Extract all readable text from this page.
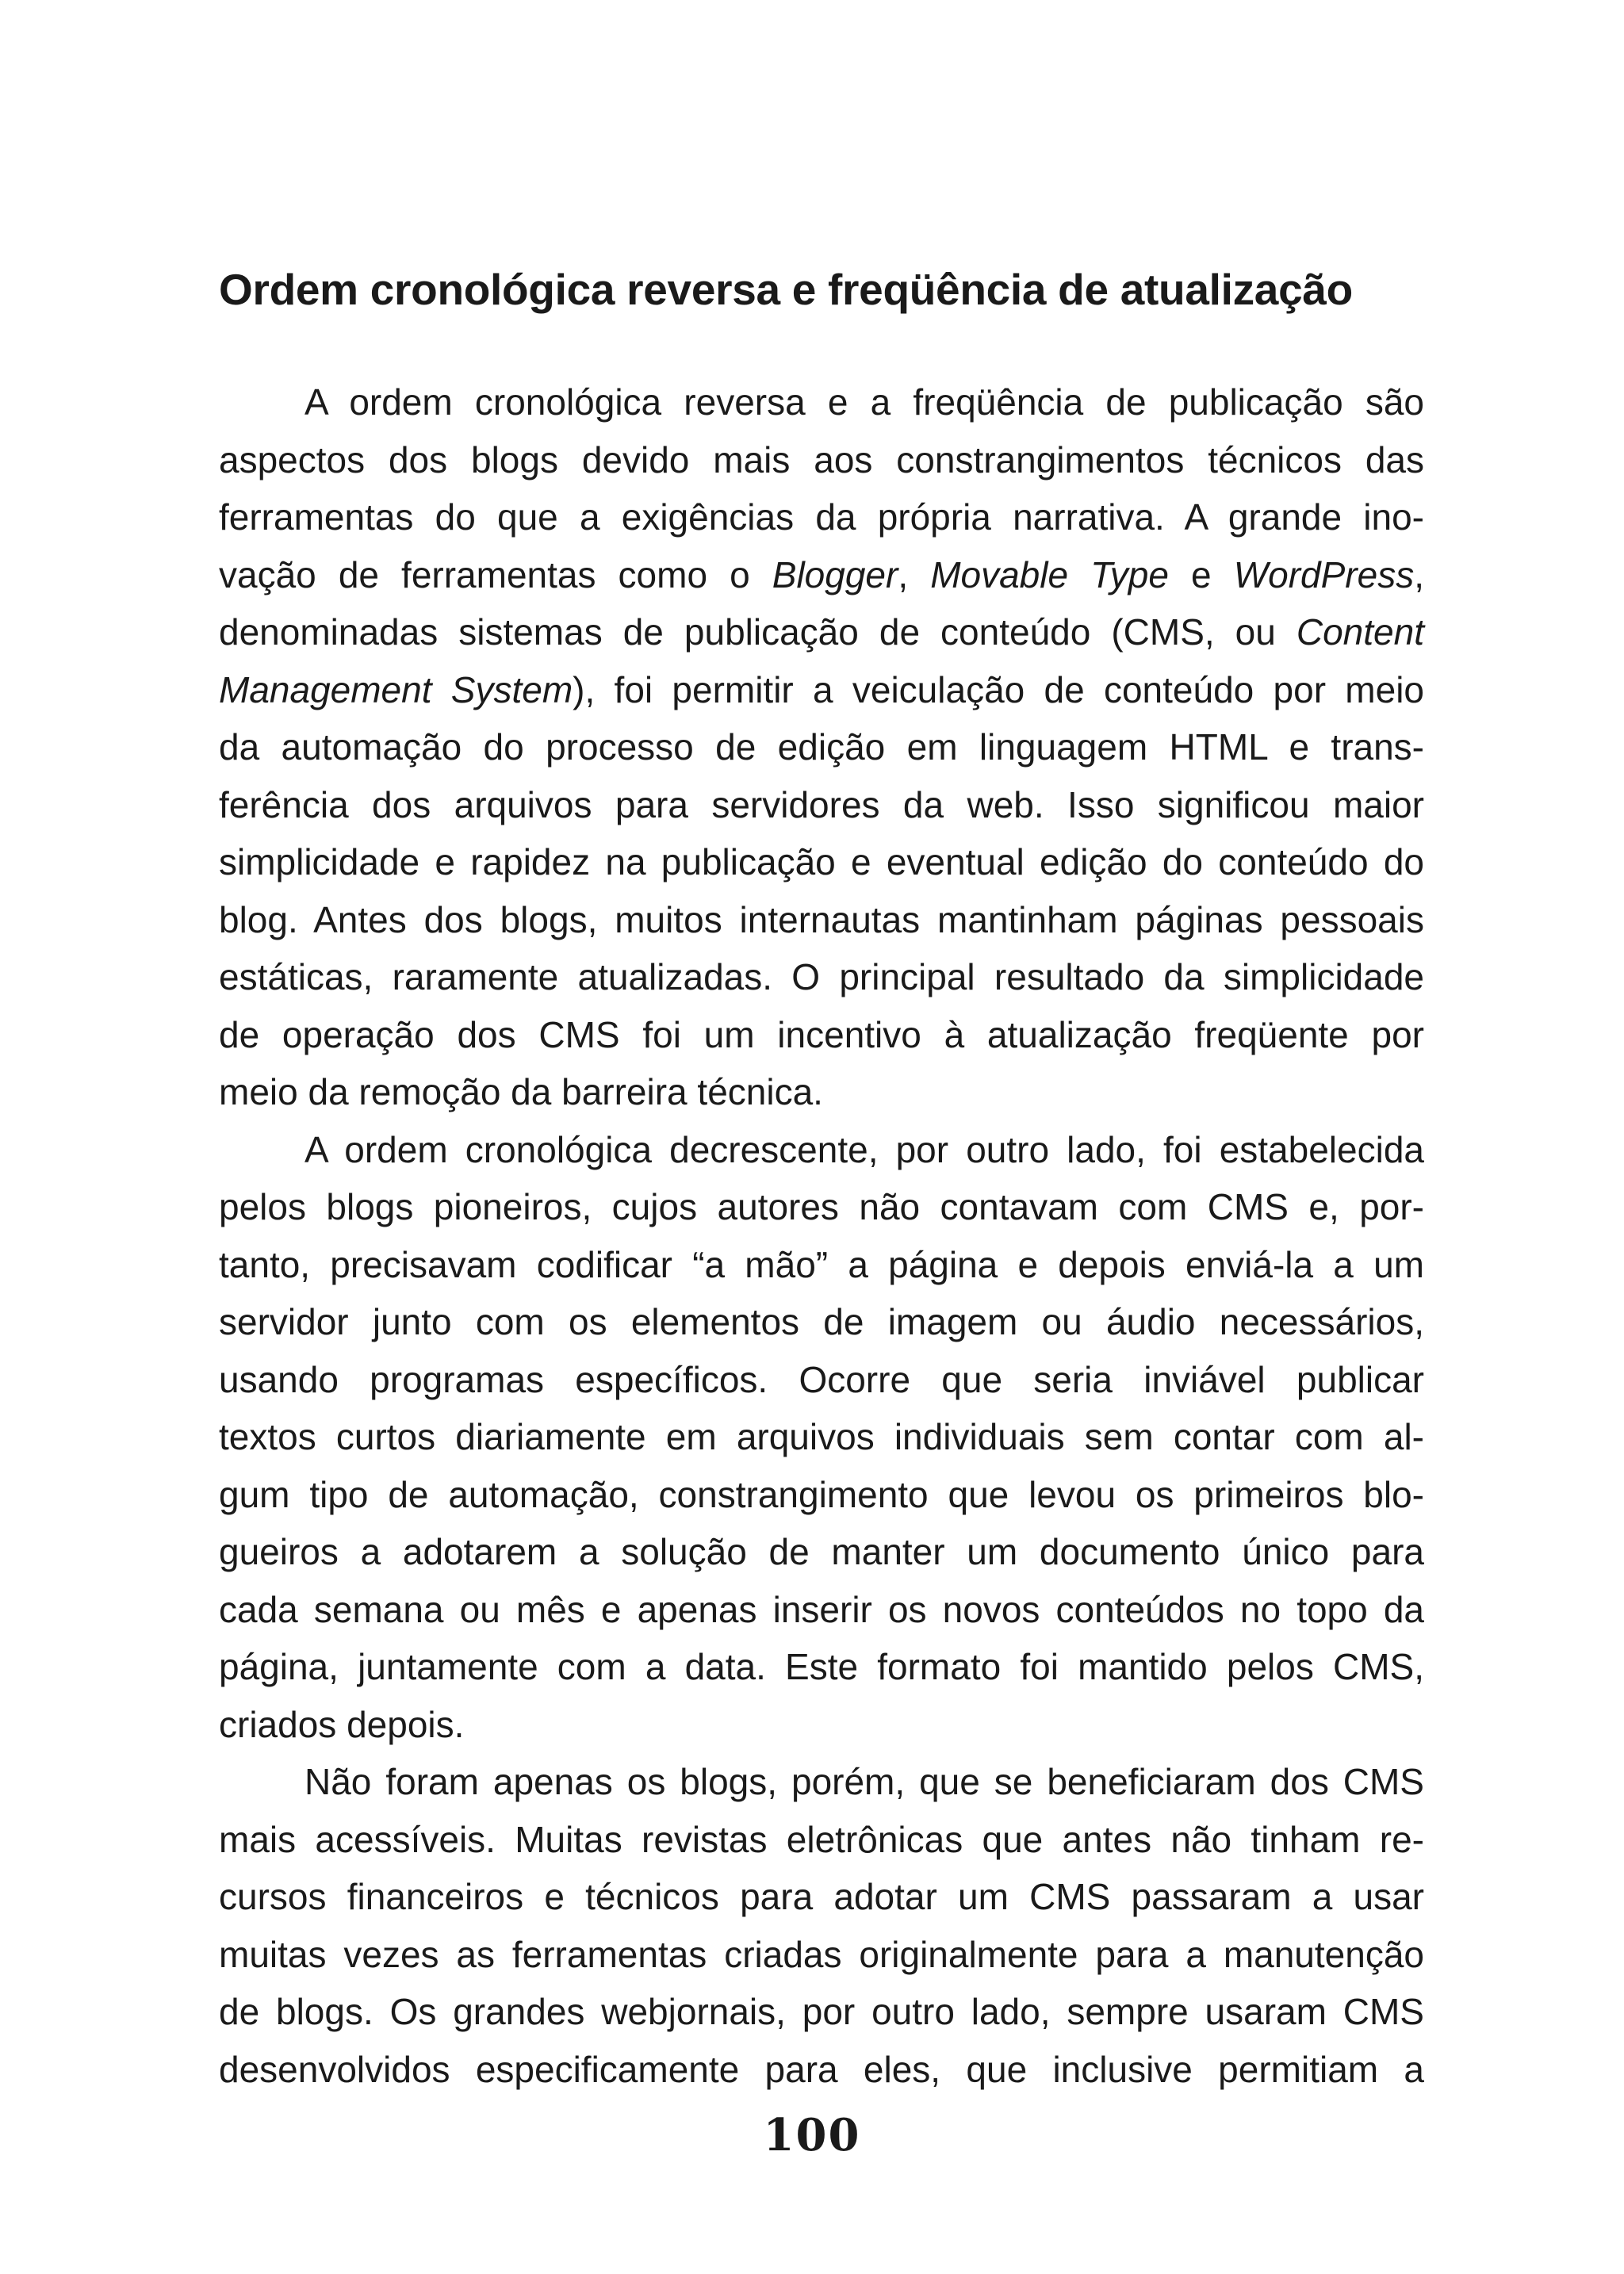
Ordem cronológica reversa e freqüência de atualização
A ordem cronológica reversa e a freqüência de publicação são
aspectos dos blogs devido mais aos constrangimentos técnicos das
ferramentas do que a exigências da própria narrativa. A grande ino-
vação de ferramentas como o Blogger, Movable Type e WordPress,
denominadas sistemas de publicação de conteúdo (CMS, ou Content
Management System), foi permitir a veiculação de conteúdo por meio
da automação do processo de edição em linguagem HTML e trans-
ferência dos arquivos para servidores da web. Isso significou maior
simplicidade e rapidez na publicação e eventual edição do conteúdo do
blog. Antes dos blogs, muitos internautas mantinham páginas pessoais
estáticas, raramente atualizadas. O principal resultado da simplicidade
de operação dos CMS foi um incentivo à atualização freqüente por
meio da remoção da barreira técnica.
A ordem cronológica decrescente, por outro lado, foi estabelecida
pelos blogs pioneiros, cujos autores não contavam com CMS e, por-
tanto, precisavam codificar “a mão” a página e depois enviá-la a um
servidor junto com os elementos de imagem ou áudio necessários,
usando programas específicos. Ocorre que seria inviável publicar
textos curtos diariamente em arquivos individuais sem contar com al-
gum tipo de automação, constrangimento que levou os primeiros blo-
gueiros a adotarem a solução de manter um documento único para
cada semana ou mês e apenas inserir os novos conteúdos no topo da
página, juntamente com a data. Este formato foi mantido pelos CMS,
criados depois.
Não foram apenas os blogs, porém, que se beneficiaram dos CMS
mais acessíveis. Muitas revistas eletrônicas que antes não tinham re-
cursos financeiros e técnicos para adotar um CMS passaram a usar
muitas vezes as ferramentas criadas originalmente para a manutenção
de blogs. Os grandes webjornais, por outro lado, sempre usaram CMS
desenvolvidos especificamente para eles, que inclusive permitiam a
100
